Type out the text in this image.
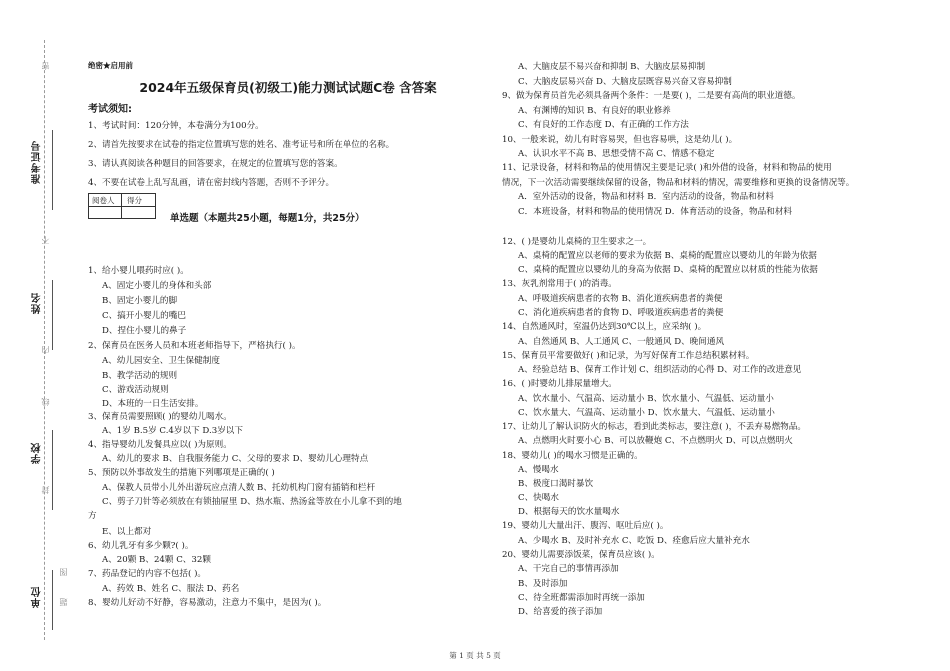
准考证号
姓名
学校
单位
密
不
内
线
封
图
题
绝密★启用前
2024年五级保育员(初级工)能力测试试题C卷 含答案
考试须知:
1、考试时间：120分钟，本卷满分为100分。
2、请首先按要求在试卷的指定位置填写您的姓名、准考证号和所在单位的名称。
3、请认真阅读各种题目的回答要求，在规定的位置填写您的答案。
4、不要在试卷上乱写乱画，请在密封线内答题，否则不予评分。
阅卷人 得分
单选题（本题共25小题，每题1分，共25分）
1、给小婴儿喂药时应( )。
A、固定小婴儿的身体和头部
B、固定小婴儿的脚
C、搞开小婴儿的嘴巴
D、捏住小婴儿的鼻子
2、保育员在医务人员和本班老师指导下，严格执行( )。
A、幼儿园安全、卫生保健制度
B、教学活动的规则
C、游戏活动规则
D、本班的一日生活安排。
3、保育员需要照顾( )的婴幼儿喝水。
A、1岁 B.5岁 C.4岁以下 D.3岁以下
4、指导婴幼儿发餐具应以( )为原则。
A、幼儿的要求 B、自我服务能力 C、父母的要求 D、婴幼儿心理特点
5、预防以外事故发生的措施下列哪项是正确的( )
A、保教人员带小儿外出游玩应点清人数 B、托幼机构门窗有插销和栏杆
C、剪子刀针等必须放在有锁抽屉里 D、热水瓶、热汤盆等放在小儿拿不到的地
方
E、以上都对
6、幼儿乳牙有多少颗?( )。
A、20颗 B、24颗 C、32颗
7、药品登记的内容不包括( )。
A、药效 B、姓名 C、服法 D、药名
8、婴幼儿好动不好静，容易激动，注意力不集中，是因为( )。
A、大脑皮层不易兴奋和抑制 B、大脑皮层易抑制
C、大脑皮层易兴奋 D、大脑皮层既容易兴奋又容易抑制
9、做为保育员首先必须具备两个条件：一是要( )，二是要有高尚的职业道德。
A、有渊博的知识 B、有良好的职业修养
C、有良好的工作态度 D、有正确的工作方法
10、一般来说，幼儿有时容易哭，但也容易哄，这是幼儿( )。
A、认识水平不高 B、思想受情不高 C、情感不稳定
11、记录设备，材料和物品的使用情况主要是记录( )和外借的设备，材料和物品的使用
情况，下一次活动需要继续保留的设备，物品和材料的情况，需要维修和更换的设备情况等。
A．室外活动的设备，物品和材料 B．室内活动的设备，物品和材料
C．本班设备，材料和物品的使用情况 D．体育活动的设备，物品和材料
12、( )是婴幼儿桌椅的卫生要求之一。
A、桌椅的配置应以老师的要求为依据 B、桌椅的配置应以婴幼儿的年龄为依据
C、桌椅的配置应以婴幼儿的身高为依据 D、桌椅的配置应以材质的性能为依据
13、灰乳剂常用于( )的消毒。
A、呼吸道疾病患者的衣物 B、消化道疾病患者的粪便
C、消化道疾病患者的食物 D、呼吸道疾病患者的粪便
14、自然通风时，室温仍达到30℃以上，应采纳( )。
A、自然通风 B、人工通风 C、一般通风 D、晚间通风
15、保育员平常要做好( )和记录，为写好保育工作总结积累材料。
A、经验总结 B、保育工作计划 C、组织活动的心得 D、对工作的改进意见
16、( )时婴幼儿排尿量增大。
A、饮水量小、气温高、运动量小 B、饮水量小、气温低、运动量小
C、饮水量大、气温高、运动量小 D、饮水量大、气温低、运动量小
17、让幼儿了解认识防火的标志，看到此类标志，要注意( )，不丢弃易燃物品。
A、点燃明火时要小心 B、可以放鞭炮 C、不点燃明火 D、可以点燃明火
18、婴幼儿( )的喝水习惯是正确的。
A、慢喝水
B、极度口渴时暴饮
C、快喝水
D、根据每天的饮水量喝水
19、婴幼儿大量出汗、腹泻、呕吐后应( )。
A、少喝水 B、及时补充水 C、吃饭 D、痊愈后应大量补充水
20、婴幼儿需要添饭菜，保育员应该( )。
A、干完自己的事情再添加
B、及时添加
C、待全班都需添加时再统一添加
D、给喜爱的孩子添加
第 1 页 共 5 页
